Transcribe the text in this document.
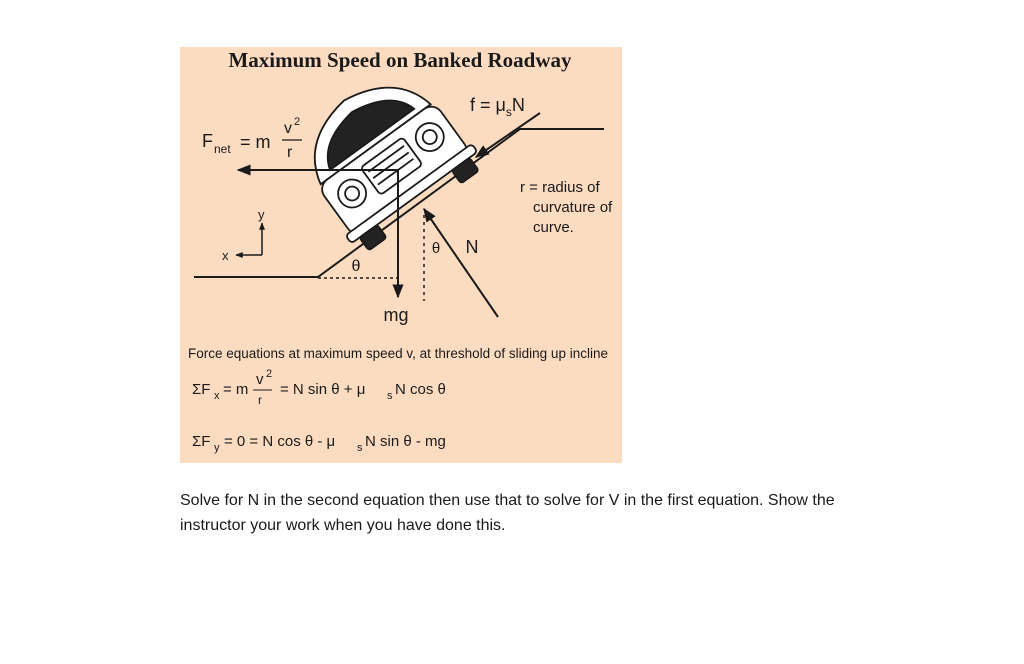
Maximum Speed on Banked Roadway
θ
θ N
$f = \mu_sN$
F net = m
v 2
r
r = radius of
curvature of
curve.
y
x
mg
Force equations at maximum speed v, at threshold of sliding up incline
ΣF x = m
v 2
r
= N sin θ + μ s N cos θ
ΣF y = 0 = N cos θ - μ s N sin θ - mg

Solve for N in the second equation then use that to solve for V in the first equation. Show the instructor your work when you have done this.
